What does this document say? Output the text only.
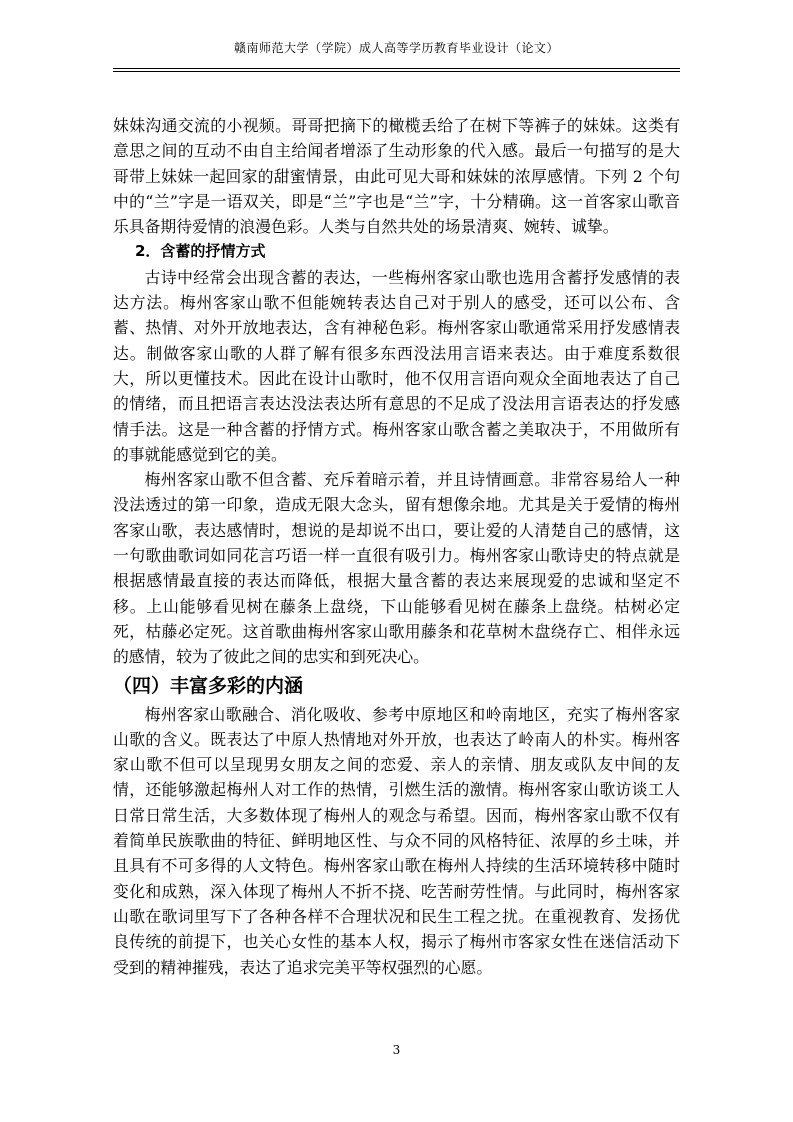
赣南师范大学（学院）成人高等学历教育毕业设计（论文）

妹妹沟通交流的小视频。哥哥把摘下的橄榄丢给了在树下等裤子的妹妹。这类有意思之间的互动不由自主给闻者增添了生动形象的代入感。最后一句描写的是大哥带上妹妹一起回家的甜蜜情景，由此可见大哥和妹妹的浓厚感情。下列 2 个句中的“兰”字是一语双关，即是“兰”字也是“兰”字，十分精确。这一首客家山歌音乐具备期待爱情的浪漫色彩。人类与自然共处的场景清爽、婉转、诚挚。

2．含蓄的抒情方式

古诗中经常会出现含蓄的表达，一些梅州客家山歌也选用含蓄抒发感情的表达方法。梅州客家山歌不但能婉转表达自己对于别人的感受，还可以公布、含蓄、热情、对外开放地表达，含有神秘色彩。梅州客家山歌通常采用抒发感情表达。制做客家山歌的人群了解有很多东西没法用言语来表达。由于难度系数很大，所以更懂技术。因此在设计山歌时，他不仅用言语向观众全面地表达了自己的情绪，而且把语言表达没法表达所有意思的不足成了没法用言语表达的抒发感情手法。这是一种含蓄的抒情方式。梅州客家山歌含蓄之美取决于，不用做所有的事就能感觉到它的美。

梅州客家山歌不但含蓄、充斥着暗示着，并且诗情画意。非常容易给人一种没法透过的第一印象，造成无限大念头，留有想像余地。尤其是关于爱情的梅州客家山歌，表达感情时，想说的是却说不出口，要让爱的人清楚自己的感情，这一句歌曲歌词如同花言巧语一样一直很有吸引力。梅州客家山歌诗史的特点就是根据感情最直接的表达而降低，根据大量含蓄的表达来展现爱的忠诚和坚定不移。上山能够看见树在藤条上盘绕，下山能够看见树在藤条上盘绕。枯树必定死，枯藤必定死。这首歌曲梅州客家山歌用藤条和花草树木盘绕存亡、相伴永远的感情，较为了彼此之间的忠实和到死决心。

（四）丰富多彩的内涵

梅州客家山歌融合、消化吸收、参考中原地区和岭南地区，充实了梅州客家山歌的含义。既表达了中原人热情地对外开放，也表达了岭南人的朴实。梅州客家山歌不但可以呈现男女朋友之间的恋爱、亲人的亲情、朋友或队友中间的友情，还能够激起梅州人对工作的热情，引燃生活的激情。梅州客家山歌访谈工人日常日常生活，大多数体现了梅州人的观念与希望。因而，梅州客家山歌不仅有着简单民族歌曲的特征、鲜明地区性、与众不同的风格特征、浓厚的乡土味，并且具有不可多得的人文特色。梅州客家山歌在梅州人持续的生活环境转移中随时变化和成熟，深入体现了梅州人不折不挠、吃苦耐劳性情。与此同时，梅州客家山歌在歌词里写下了各种各样不合理状况和民生工程之扰。在重视教育、发扬优良传统的前提下，也关心女性的基本人权，揭示了梅州市客家女性在迷信活动下受到的精神摧残，表达了追求完美平等权强烈的心愿。

3
